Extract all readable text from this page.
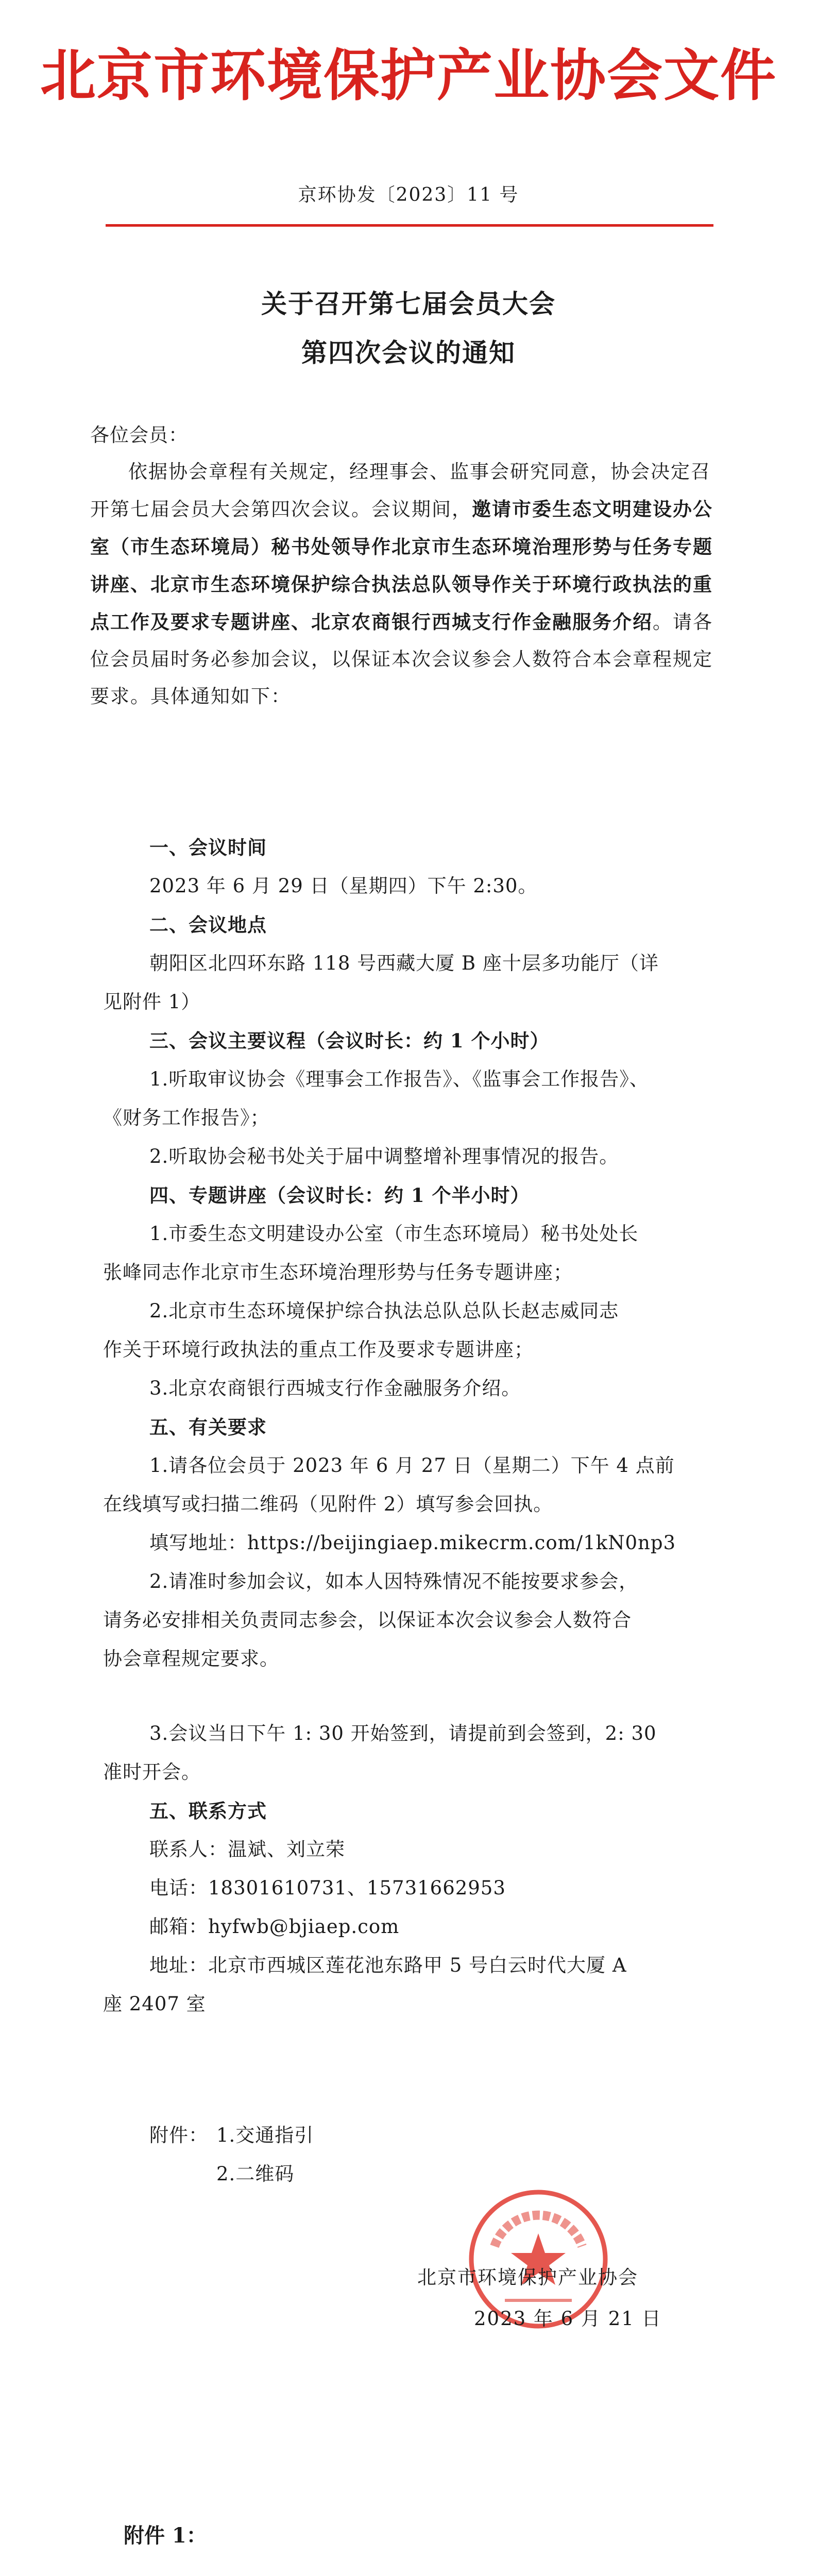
北京市环境保护产业协会文件
京环协发〔2023〕11 号
关于召开第七届会员大会
第四次会议的通知
各位会员：
依据协会章程有关规定，经理事会、监事会研究同意，协会决定召开第七届会员大会第四次会议。会议期间，邀请市委生态文明建设办公室（市生态环境局）秘书处领导作北京市生态环境治理形势与任务专题讲座、北京市生态环境保护综合执法总队领导作关于环境行政执法的重点工作及要求专题讲座、北京农商银行西城支行作金融服务介绍。请各位会员届时务必参加会议，以保证本次会议参会人数符合本会章程规定要求。具体通知如下：
一、会议时间
2023 年 6 月 29 日（星期四）下午 2:30。
二、会议地点
朝阳区北四环东路 118 号西藏大厦 B 座十层多功能厅（详
见附件 1）
三、会议主要议程（会议时长：约 1 个小时）
1.听取审议协会《理事会工作报告》、《监事会工作报告》、
《财务工作报告》；
2.听取协会秘书处关于届中调整增补理事情况的报告。
四、专题讲座（会议时长：约 1 个半小时）
1.市委生态文明建设办公室（市生态环境局）秘书处处长
张峰同志作北京市生态环境治理形势与任务专题讲座；
2.北京市生态环境保护综合执法总队总队长赵志威同志
作关于环境行政执法的重点工作及要求专题讲座；
3.北京农商银行西城支行作金融服务介绍。
五、有关要求
1.请各位会员于 2023 年 6 月 27 日（星期二）下午 4 点前
在线填写或扫描二维码（见附件 2）填写参会回执。
填写地址：https://beijingiaep.mikecrm.com/1kN0np3
2.请准时参加会议，如本人因特殊情况不能按要求参会，
请务必安排相关负责同志参会，以保证本次会议参会人数符合
协会章程规定要求。
3.会议当日下午 1: 30 开始签到，请提前到会签到，2: 30
准时开会。
五、联系方式
联系人：温斌、刘立荣
电话：18301610731、15731662953
邮箱：hyfwb@bjiaep.com
地址：北京市西城区莲花池东路甲 5 号白云时代大厦 A
座 2407 室
附件： 1.交通指引
2.二维码
北京市环境保护产业协会
2023 年 6 月 21 日
附件 1：
